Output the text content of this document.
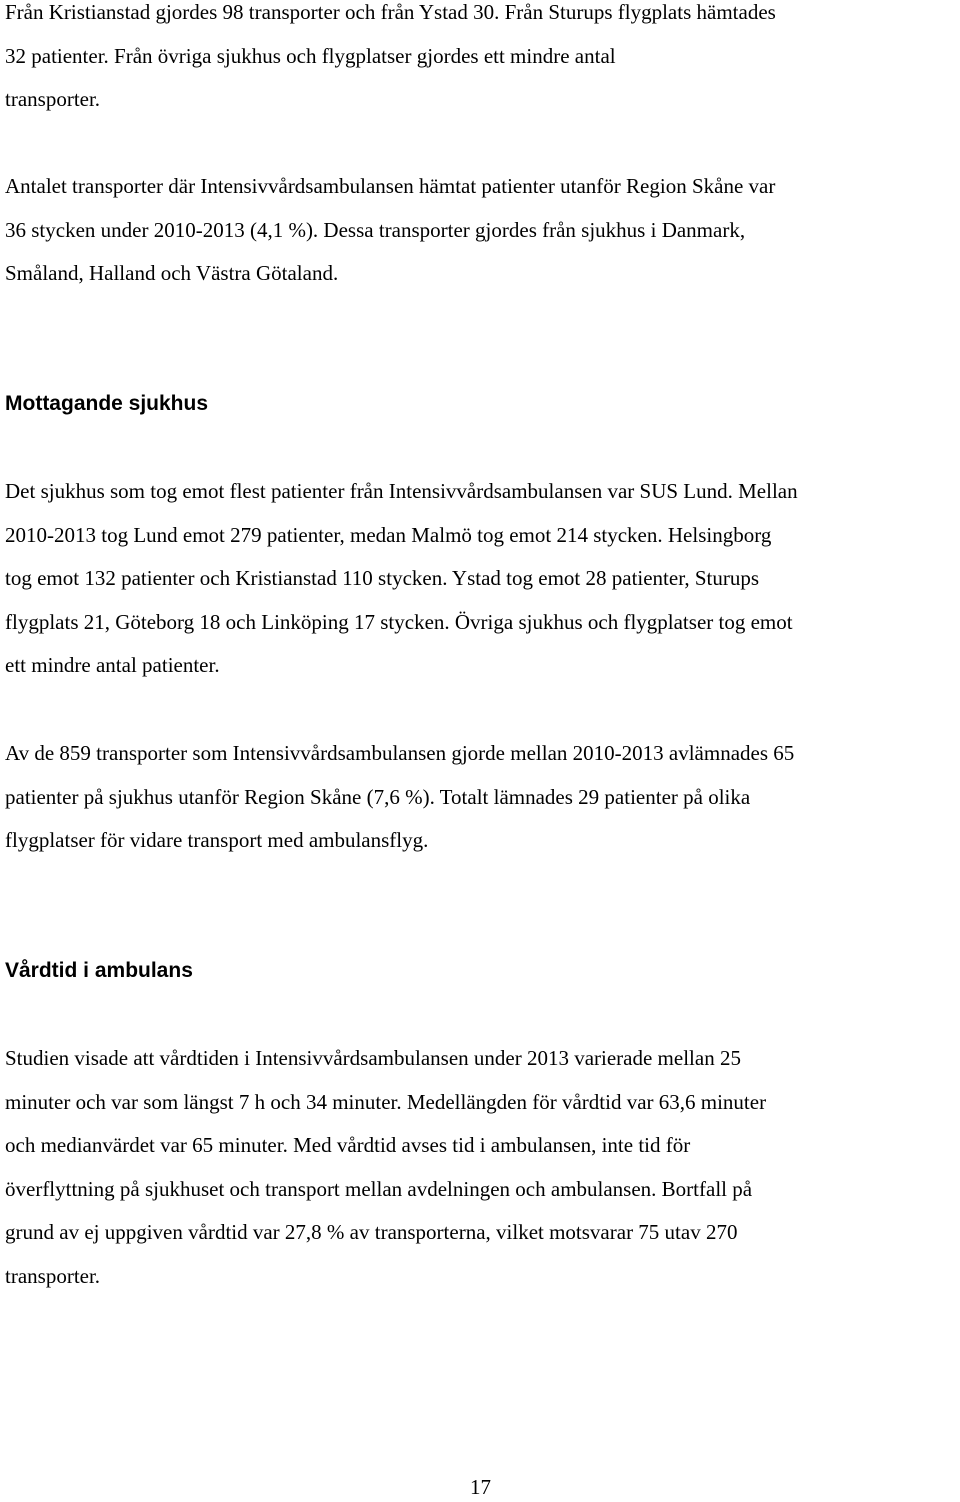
Från Kristianstad gjordes 98 transporter och från Ystad 30. Från Sturups flygplats hämtades
32 patienter. Från övriga sjukhus och flygplatser gjordes ett mindre antal
transporter.
Antalet transporter där Intensivvårdsambulansen hämtat patienter utanför Region Skåne var
36 stycken under 2010-2013 (4,1 %). Dessa transporter gjordes från sjukhus i Danmark,
Småland, Halland och Västra Götaland.
Mottagande sjukhus
Det sjukhus som tog emot flest patienter från Intensivvårdsambulansen var SUS Lund. Mellan
2010-2013 tog Lund emot 279 patienter, medan Malmö tog emot 214 stycken. Helsingborg
tog emot 132 patienter och Kristianstad 110 stycken. Ystad tog emot 28 patienter, Sturups
flygplats 21, Göteborg 18 och Linköping 17 stycken. Övriga sjukhus och flygplatser tog emot
ett mindre antal patienter.
Av de 859 transporter som Intensivvårdsambulansen gjorde mellan 2010-2013 avlämnades 65
patienter på sjukhus utanför Region Skåne (7,6 %). Totalt lämnades 29 patienter på olika
flygplatser för vidare transport med ambulansflyg.
Vårdtid i ambulans
Studien visade att vårdtiden i Intensivvårdsambulansen under 2013 varierade mellan 25
minuter och var som längst 7 h och 34 minuter. Medellängden för vårdtid var 63,6 minuter
och medianvärdet var 65 minuter. Med vårdtid avses tid i ambulansen, inte tid för
överflyttning på sjukhuset och transport mellan avdelningen och ambulansen. Bortfall på
grund av ej uppgiven vårdtid var 27,8 % av transporterna, vilket motsvarar 75 utav 270
transporter.
17
